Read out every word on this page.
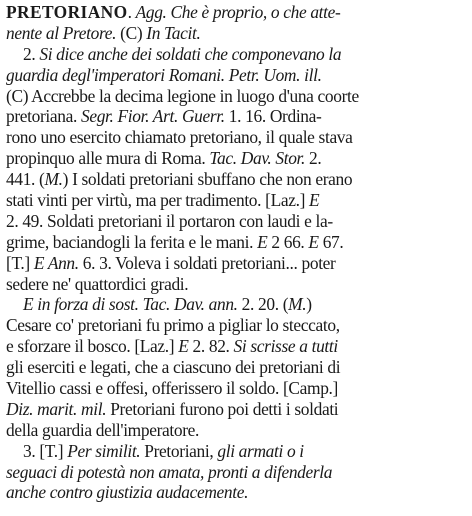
PRETORIANO. Agg. Che è proprio, o che atte-
nente al Pretore. (C) In Tacit.
2. Si dice anche dei soldati che componevano la
guardia degl'imperatori Romani. Petr. Uom. ill.
(C) Accrebbe la decima legione in luogo d'una coorte
pretoriana. Segr. Fior. Art. Guerr. 1. 16. Ordina-
rono uno esercito chiamato pretoriano, il quale stava
propinquo alle mura di Roma. Tac. Dav. Stor. 2.
441. (M.) I soldati pretoriani sbuffano che non erano
stati vinti per virtù, ma per tradimento. [Laz.] E
2. 49. Soldati pretoriani il portaron con laudi e la-
grime, baciandogli la ferita e le mani. E 2 66. E 67.
[T.] E Ann. 6. 3. Voleva i soldati pretoriani... poter
sedere ne' quattordici gradi.
E in forza di sost. Tac. Dav. ann. 2. 20. (M.)
Cesare co' pretoriani fu primo a pigliar lo steccato,
e sforzare il bosco. [Laz.] E 2. 82. Si scrisse a tutti
gli eserciti e legati, che a ciascuno dei pretoriani di
Vitellio cassi e offesi, offerissero il soldo. [Camp.]
Diz. marit. mil. Pretoriani furono poi detti i soldati
della guardia dell'imperatore.
3. [T.] Per similit. Pretoriani, gli armati o i
seguaci di potestà non amata, pronti a difenderla
anche contro giustizia audacemente.
